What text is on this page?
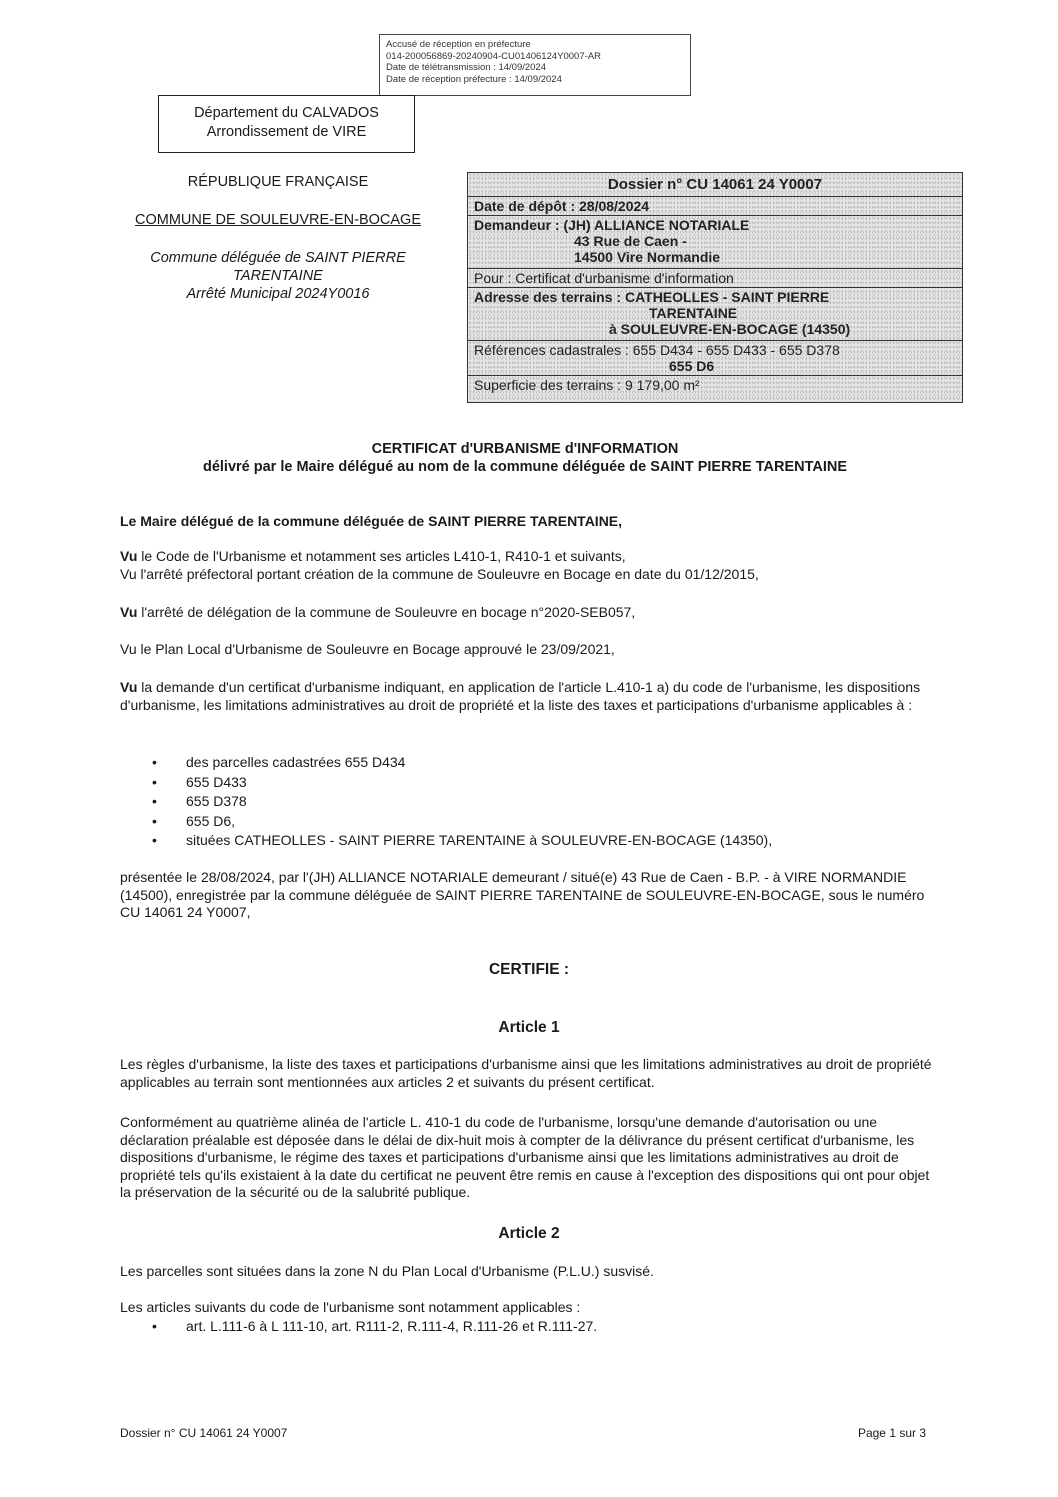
Accusé de réception en préfecture
014-200056869-20240904-CU01406124Y0007-AR
Date de télétransmission : 14/09/2024
Date de réception préfecture : 14/09/2024
Département du CALVADOS
Arrondissement de VIRE
RÉPUBLIQUE FRANÇAISE
COMMUNE DE SOULEUVRE-EN-BOCAGE
Commune déléguée de SAINT PIERRE
TARENTAINE
Arrêté Municipal 2024Y0016
Dossier n° CU 14061 24 Y0007
Date de dépôt : 28/08/2024
Demandeur : (JH) ALLIANCE NOTARIALE
43 Rue de Caen -
14500 Vire Normandie
Pour : Certificat d'urbanisme d'information
Adresse des terrains : CATHEOLLES - SAINT PIERRE
TARENTAINE
à SOULEUVRE-EN-BOCAGE (14350)
Références cadastrales : 655 D434 - 655 D433 - 655 D378
655 D6
Superficie des terrains : 9 179,00 m²
CERTIFICAT d'URBANISME d'INFORMATION
délivré par le Maire délégué au nom de la commune déléguée de SAINT PIERRE TARENTAINE
Le Maire délégué de la commune déléguée de SAINT PIERRE TARENTAINE,

Vu le Code de l'Urbanisme et notamment ses articles L410-1, R410-1 et suivants,

Vu l'arrêté préfectoral portant création de la commune de Souleuvre en Bocage en date du 01/12/2015,

Vu l'arrêté de délégation de la commune de Souleuvre en bocage n°2020-SEB057,

Vu le Plan Local d'Urbanisme de Souleuvre en Bocage approuvé le 23/09/2021,

Vu la demande d'un certificat d'urbanisme indiquant, en application de l'article L.410-1 a) du code de l'urbanisme, les dispositions d'urbanisme, les limitations administratives au droit de propriété et la liste des taxes et participations d'urbanisme applicables à :

• des parcelles cadastrées 655 D434
• 655 D433
• 655 D378
• 655 D6,
• situées CATHEOLLES - SAINT PIERRE TARENTAINE à SOULEUVRE-EN-BOCAGE (14350),
présentée le 28/08/2024, par l'(JH) ALLIANCE NOTARIALE demeurant / situé(e) 43 Rue de Caen - B.P. - à VIRE NORMANDIE (14500), enregistrée par la commune déléguée de SAINT PIERRE TARENTAINE de SOULEUVRE-EN-BOCAGE, sous le numéro CU 14061 24 Y0007,
CERTIFIE :
Article 1
Les règles d'urbanisme, la liste des taxes et participations d'urbanisme ainsi que les limitations administratives au droit de propriété applicables au terrain sont mentionnées aux articles 2 et suivants du présent certificat.
Conformément au quatrième alinéa de l'article L. 410-1 du code de l'urbanisme, lorsqu'une demande d'autorisation ou une déclaration préalable est déposée dans le délai de dix-huit mois à compter de la délivrance du présent certificat d'urbanisme, les dispositions d'urbanisme, le régime des taxes et participations d'urbanisme ainsi que les limitations administratives au droit de propriété tels qu'ils existaient à la date du certificat ne peuvent être remis en cause à l'exception des dispositions qui ont pour objet la préservation de la sécurité ou de la salubrité publique.
Article 2
Les parcelles sont situées dans la zone N du Plan Local d'Urbanisme (P.L.U.) susvisé.
Les articles suivants du code de l'urbanisme sont notamment applicables :
• art. L.111-6 à L 111-10, art. R111-2, R.111-4, R.111-26 et R.111-27.
Dossier n° CU 14061 24 Y0007	Page 1 sur 3
